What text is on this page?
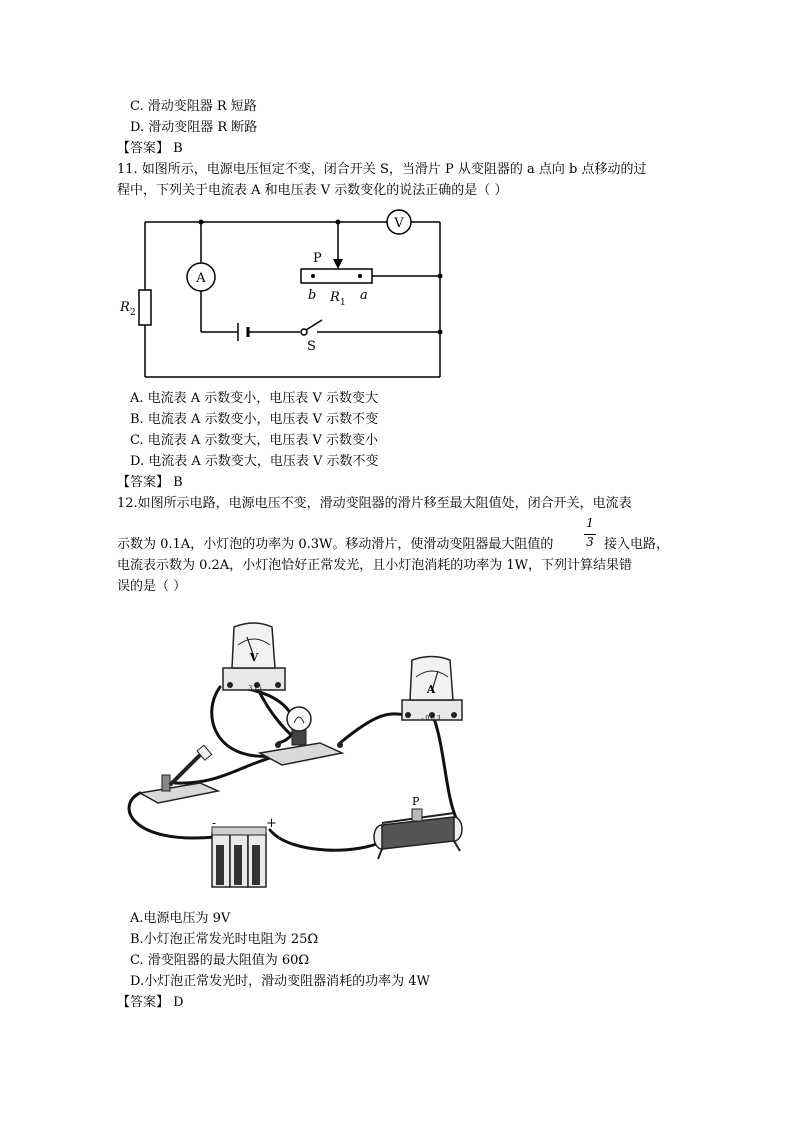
C. 滑动变阻器 R 短路
D. 滑动变阻器 R 断路
【答案】 B
11. 如图所示，电源电压恒定不变，闭合开关 S，当滑片 P 从变阻器的 a 点向 b 点移动的过
程中，下列关于电流表 A 和电压表 V 示数变化的说法正确的是（ ）
V
A
R 2
P
b R 1 a
S
A. 电流表 A 示数变小，电压表 V 示数变大
B. 电流表 A 示数变小，电压表 V 示数不变
C. 电流表 A 示数变大，电压表 V 示数变小
D. 电流表 A 示数变大，电压表 V 示数不变
【答案】 B
12.如图所示电路，电源电压不变，滑动变阻器的滑片移至最大阻值处，闭合开关，电流表
示数为 0.1A，小灯泡的功率为 0.3W。移动滑片，使滑动变阻器最大阻值的
1
3 接入电路，
电流表示数为 0.2A，小灯泡恰好正常发光，且小灯泡消耗的功率为 1W，下列计算结果错
误的是（ ）
V
3 15	A
- 0.6 3
-	+
P
A.电源电压为 9V
B.小灯泡正常发光时电阻为 25Ω
C. 滑变阻器的最大阻值为 60Ω
D.小灯泡正常发光时，滑动变阻器消耗的功率为 4W
【答案】 D
